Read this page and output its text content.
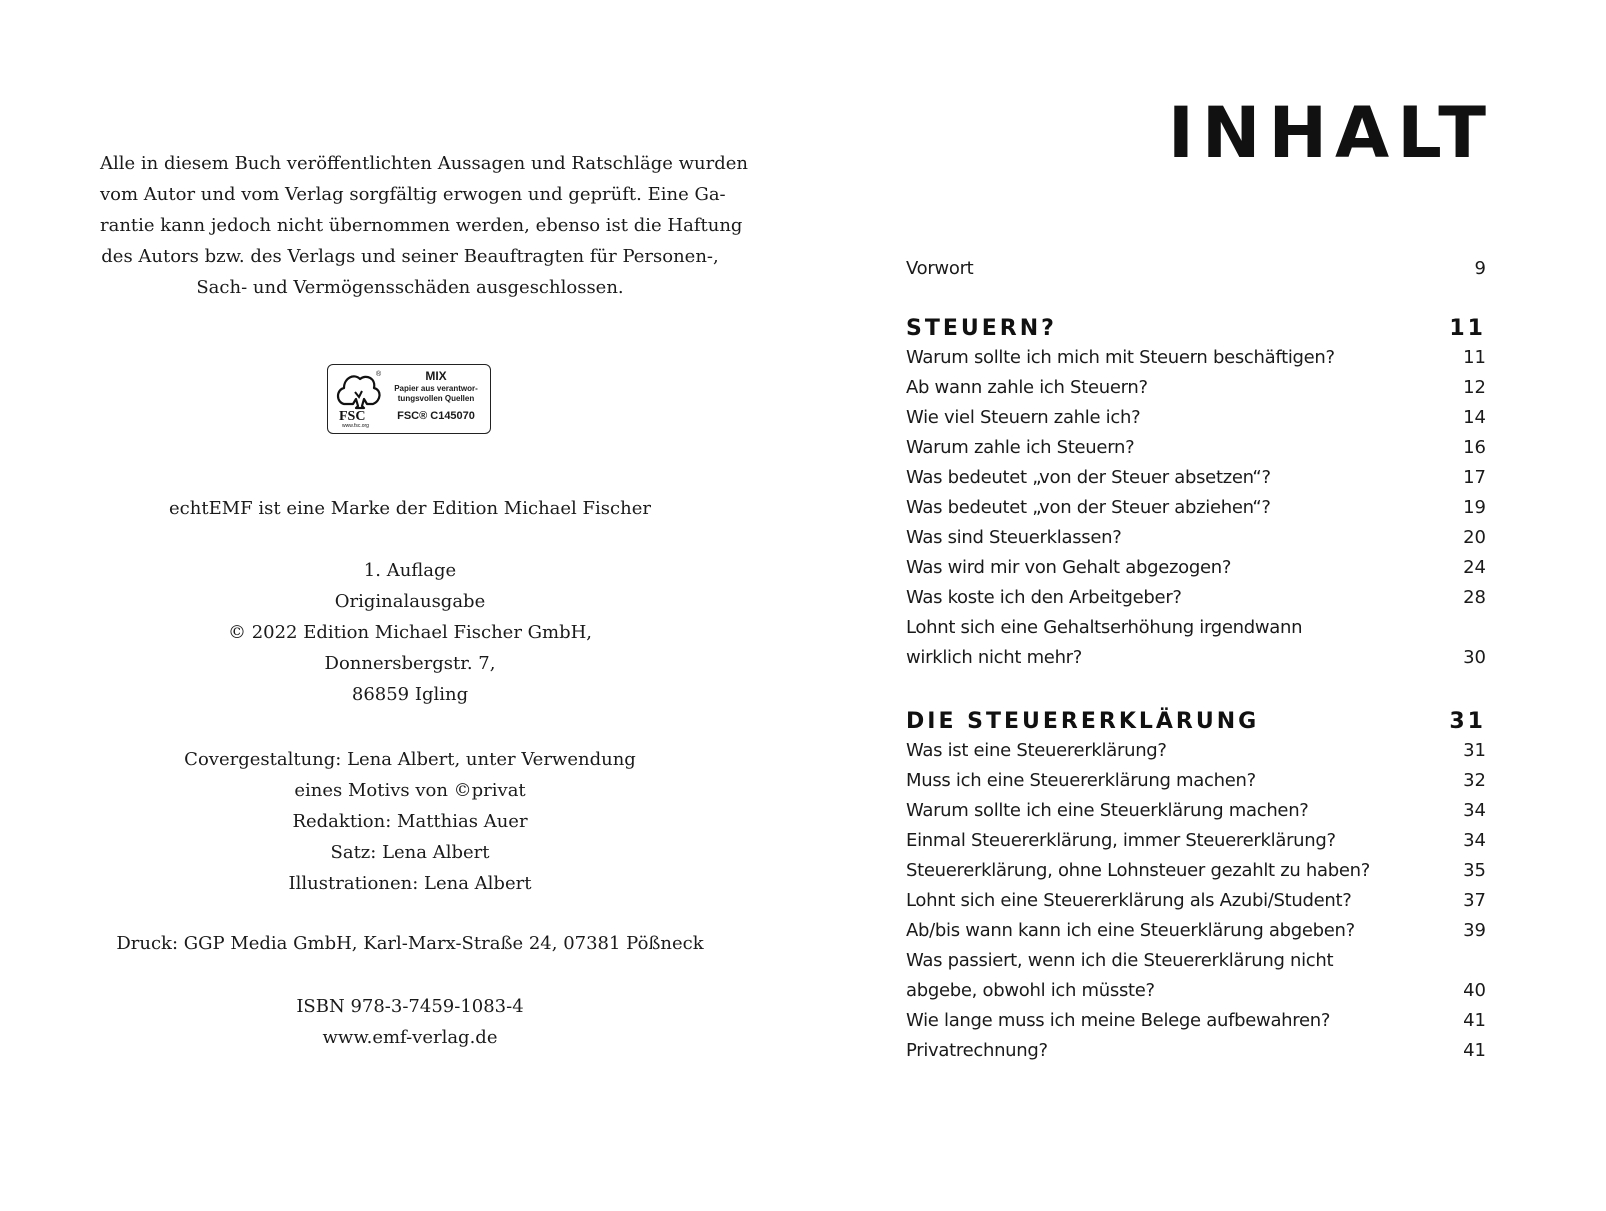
Alle in diesem Buch veröffentlichten Aussagen und Ratschläge wurden
vom Autor und vom Verlag sorgfältig erwogen und geprüft. Eine Ga-
rantie kann jedoch nicht übernommen werden, ebenso ist die Haftung
des Autors bzw. des Verlags und seiner Beauftragten für Personen-,
Sach- und Vermögensschäden ausgeschlossen.
FSC
®
www.fsc.org
MIX
Papier aus verantwor-
tungsvollen Quellen
FSC® C145070
echtEMF ist eine Marke der Edition Michael Fischer
1. Auflage
Originalausgabe
© 2022 Edition Michael Fischer GmbH,
Donnersbergstr. 7,
86859 Igling
Covergestaltung: Lena Albert, unter Verwendung
eines Motivs von ©privat
Redaktion: Matthias Auer
Satz: Lena Albert
Illustrationen: Lena Albert
Druck: GGP Media GmbH, Karl-Marx-Straße 24, 07381 Pößneck
ISBN 978-3-7459-1083-4
www.emf-verlag.de
INHALT
Vorwort	9
STEUERN?	11
Warum sollte ich mich mit Steuern beschäftigen?	11
Ab wann zahle ich Steuern?	12
Wie viel Steuern zahle ich?	14
Warum zahle ich Steuern?	16
Was bedeutet „von der Steuer absetzen“?	17
Was bedeutet „von der Steuer abziehen“?	19
Was sind Steuerklassen?	20
Was wird mir von Gehalt abgezogen?	24
Was koste ich den Arbeitgeber?	28
Lohnt sich eine Gehaltserhöhung irgendwann
wirklich nicht mehr?	30
DIE STEUERERKLÄRUNG	31
Was ist eine Steuererklärung?	31
Muss ich eine Steuererklärung machen?	32
Warum sollte ich eine Steuerklärung machen?	34
Einmal Steuererklärung, immer Steuererklärung?	34
Steuererklärung, ohne Lohnsteuer gezahlt zu haben?	35
Lohnt sich eine Steuererklärung als Azubi/Student?	37
Ab/bis wann kann ich eine Steuerklärung abgeben?	39
Was passiert, wenn ich die Steuererklärung nicht
abgebe, obwohl ich müsste?	40
Wie lange muss ich meine Belege aufbewahren?	41
Privatrechnung?	41
